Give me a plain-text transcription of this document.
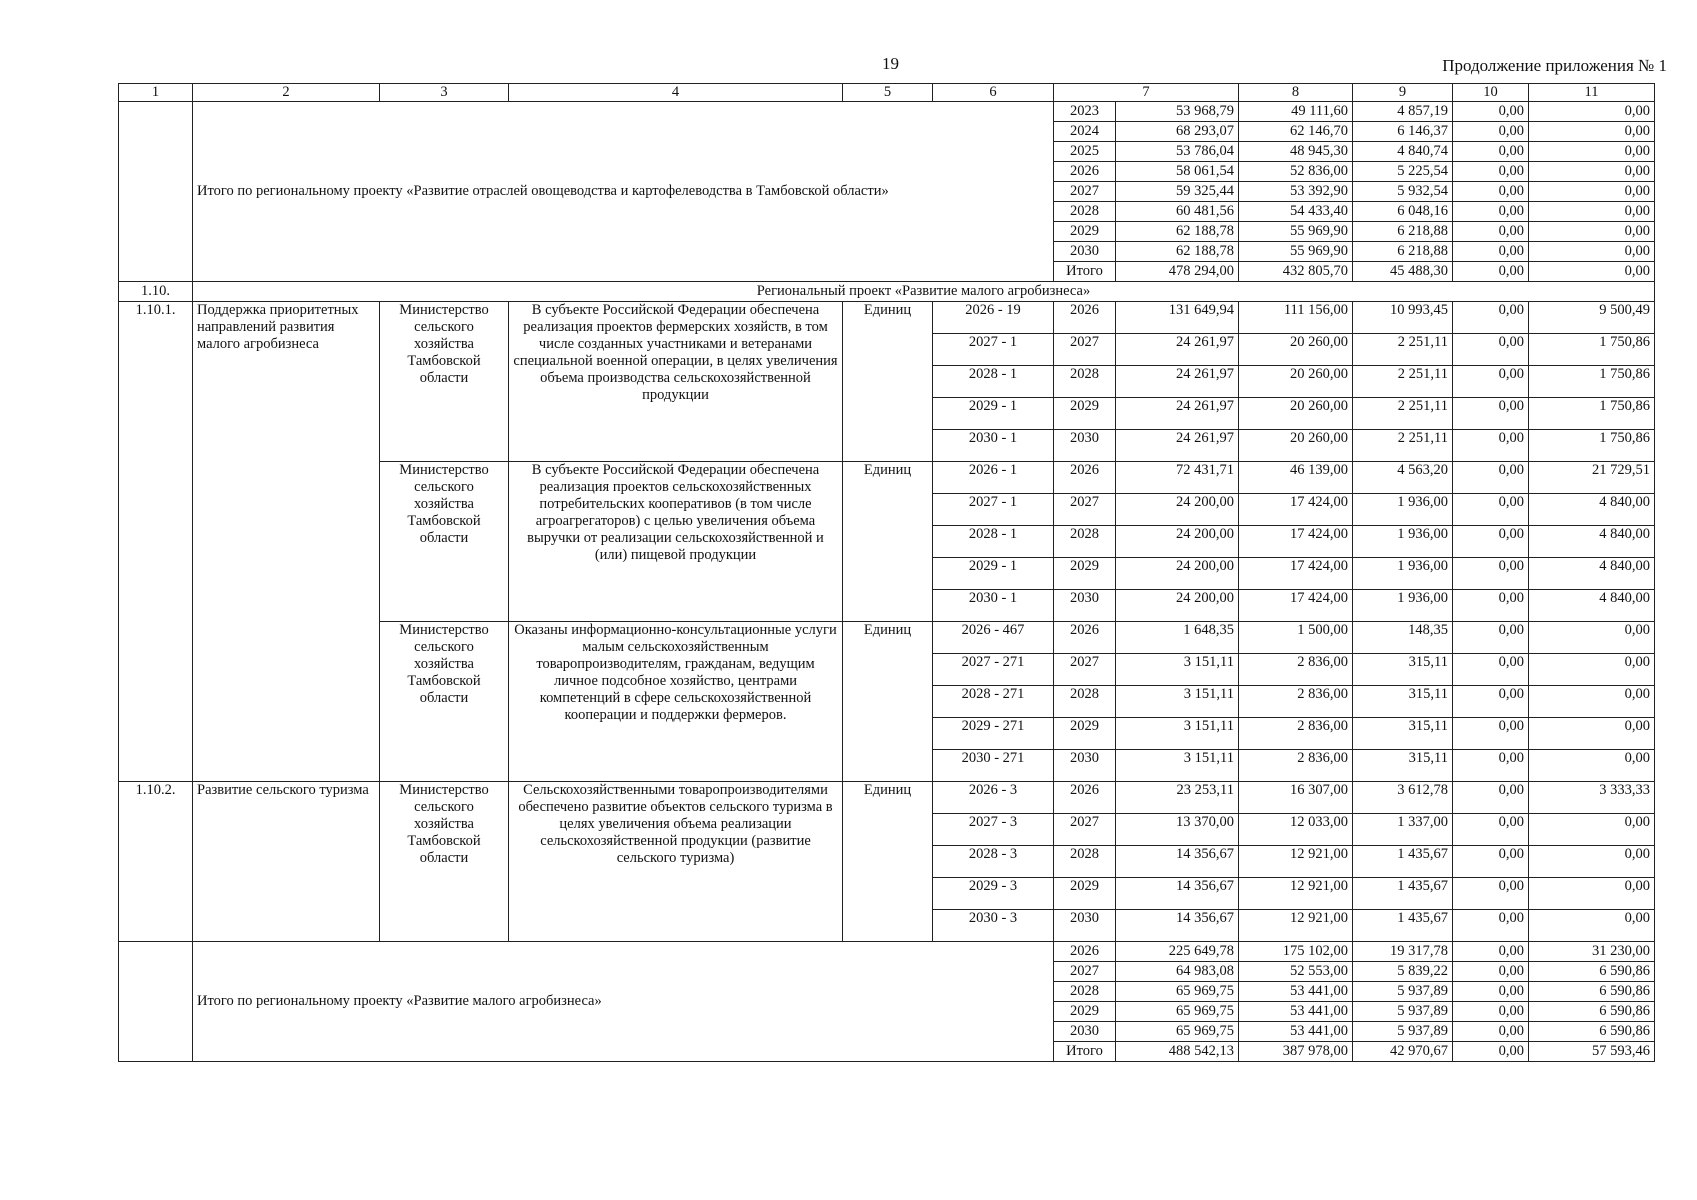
19	Продолжение приложения № 1
1	2	3	4	5	6	7		8	9	10	11
	Итого по региональному проекту «Развитие отраслей овощеводства и картофелеводства в Тамбовской области»					2023	53 968,79	49 111,60	4 857,19	0,00	0,00
						2024	68 293,07	62 146,70	6 146,37	0,00	0,00
						2025	53 786,04	48 945,30	4 840,74	0,00	0,00
						2026	58 061,54	52 836,00	5 225,54	0,00	0,00
						2027	59 325,44	53 392,90	5 932,54	0,00	0,00
						2028	60 481,56	54 433,40	6 048,16	0,00	0,00
						2029	62 188,78	55 969,90	6 218,88	0,00	0,00
						2030	62 188,78	55 969,90	6 218,88	0,00	0,00
						Итого	478 294,00	432 805,70	45 488,30	0,00	0,00
1.10.	Региональный проект «Развитие малого агробизнеса»										
1.10.1.	Поддержка приоритетных направлений развития малого агробизнеса	Министерство сельского хозяйства Тамбовской области	В субъекте Российской Федерации обеспечена реализация проектов фермерских хозяйств, в том числе созданных участниками и ветеранами специальной военной операции, в целях увеличения объема производства сельскохозяйственной продукции	Единиц	2026 - 19	2026	131 649,94	111 156,00	10 993,45	0,00	9 500,49
					2027 - 1	2027	24 261,97	20 260,00	2 251,11	0,00	1 750,86
					2028 - 1	2028	24 261,97	20 260,00	2 251,11	0,00	1 750,86
					2029 - 1	2029	24 261,97	20 260,00	2 251,11	0,00	1 750,86
					2030 - 1	2030	24 261,97	20 260,00	2 251,11	0,00	1 750,86
		Министерство сельского хозяйства Тамбовской области	В субъекте Российской Федерации обеспечена реализация проектов сельскохозяйственных потребительских кооперативов (в том числе агроагрегаторов) с целью увеличения объема выручки от реализации сельскохозяйственной и (или) пищевой продукции	Единиц	2026 - 1	2026	72 431,71	46 139,00	4 563,20	0,00	21 729,51
					2027 - 1	2027	24 200,00	17 424,00	1 936,00	0,00	4 840,00
					2028 - 1	2028	24 200,00	17 424,00	1 936,00	0,00	4 840,00
					2029 - 1	2029	24 200,00	17 424,00	1 936,00	0,00	4 840,00
					2030 - 1	2030	24 200,00	17 424,00	1 936,00	0,00	4 840,00
		Министерство сельского хозяйства Тамбовской области	Оказаны информационно-консультационные услуги малым сельскохозяйственным товаропроизводителям, гражданам, ведущим личное подсобное хозяйство, центрами компетенций в сфере сельскохозяйственной кооперации и поддержки фермеров.	Единиц	2026 - 467	2026	1 648,35	1 500,00	148,35	0,00	0,00
					2027 - 271	2027	3 151,11	2 836,00	315,11	0,00	0,00
					2028 - 271	2028	3 151,11	2 836,00	315,11	0,00	0,00
					2029 - 271	2029	3 151,11	2 836,00	315,11	0,00	0,00
					2030 - 271	2030	3 151,11	2 836,00	315,11	0,00	0,00
1.10.2.	Развитие сельского туризма	Министерство сельского хозяйства Тамбовской области	Сельскохозяйственными товаропроизводителями обеспечено развитие объектов сельского туризма в целях увеличения объема реализации сельскохозяйственной продукции (развитие сельского туризма)	Единиц	2026 - 3	2026	23 253,11	16 307,00	3 612,78	0,00	3 333,33
					2027 - 3	2027	13 370,00	12 033,00	1 337,00	0,00	0,00
					2028 - 3	2028	14 356,67	12 921,00	1 435,67	0,00	0,00
					2029 - 3	2029	14 356,67	12 921,00	1 435,67	0,00	0,00
					2030 - 3	2030	14 356,67	12 921,00	1 435,67	0,00	0,00
	Итого по региональному проекту «Развитие малого агробизнеса»					2026	225 649,78	175 102,00	19 317,78	0,00	31 230,00
						2027	64 983,08	52 553,00	5 839,22	0,00	6 590,86
						2028	65 969,75	53 441,00	5 937,89	0,00	6 590,86
						2029	65 969,75	53 441,00	5 937,89	0,00	6 590,86
						2030	65 969,75	53 441,00	5 937,89	0,00	6 590,86
						Итого	488 542,13	387 978,00	42 970,67	0,00	57 593,46
